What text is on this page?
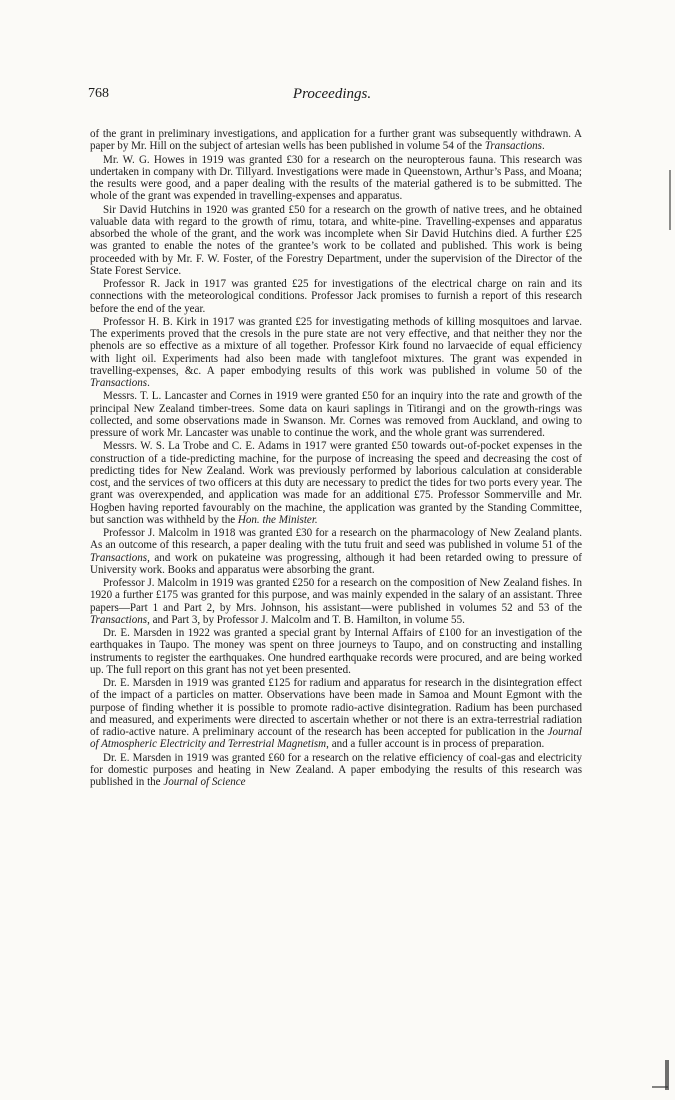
768	Proceedings.

of the grant in preliminary investigations, and application for a further grant was subsequently withdrawn. A paper by Mr. Hill on the subject of artesian wells has been published in volume 54 of the Transactions.

Mr. W. G. Howes in 1919 was granted £30 for a research on the neuropterous fauna. This research was undertaken in company with Dr. Tillyard. Investigations were made in Queenstown, Arthur’s Pass, and Moana; the results were good, and a paper dealing with the results of the material gathered is to be submitted. The whole of the grant was expended in travelling-expenses and apparatus.

Sir David Hutchins in 1920 was granted £50 for a research on the growth of native trees, and he obtained valuable data with regard to the growth of rimu, totara, and white-pine. Travelling-expenses and apparatus absorbed the whole of the grant, and the work was incomplete when Sir David Hutchins died. A further £25 was granted to enable the notes of the grantee’s work to be collated and published. This work is being proceeded with by Mr. F. W. Foster, of the Forestry Department, under the supervision of the Director of the State Forest Service.

Professor R. Jack in 1917 was granted £25 for investigations of the electrical charge on rain and its connections with the meteorological conditions. Professor Jack promises to furnish a report of this research before the end of the year.

Professor H. B. Kirk in 1917 was granted £25 for investigating methods of killing mosquitoes and larvae. The experiments proved that the cresols in the pure state are not very effective, and that neither they nor the phenols are so effective as a mixture of all together. Professor Kirk found no larvaecide of equal efficiency with light oil. Experiments had also been made with tanglefoot mixtures. The grant was expended in travelling-expenses, &c. A paper embodying results of this work was published in volume 50 of the Transactions.

Messrs. T. L. Lancaster and Cornes in 1919 were granted £50 for an inquiry into the rate and growth of the principal New Zealand timber-trees. Some data on kauri saplings in Titirangi and on the growth-rings was collected, and some observations made in Swanson. Mr. Cornes was removed from Auckland, and owing to pressure of work Mr. Lancaster was unable to continue the work, and the whole grant was surrendered.

Messrs. W. S. La Trobe and C. E. Adams in 1917 were granted £50 towards out-of-pocket expenses in the construction of a tide-predicting machine, for the purpose of increasing the speed and decreasing the cost of predicting tides for New Zealand. Work was previously performed by laborious calculation at considerable cost, and the services of two officers at this duty are necessary to predict the tides for two ports every year. The grant was overexpended, and application was made for an additional £75. Professor Sommerville and Mr. Hogben having reported favourably on the machine, the application was granted by the Standing Committee, but sanction was withheld by the Hon. the Minister.

Professor J. Malcolm in 1918 was granted £30 for a research on the pharmacology of New Zealand plants. As an outcome of this research, a paper dealing with the tutu fruit and seed was published in volume 51 of the Transactions, and work on pukateine was progressing, although it had been retarded owing to pressure of University work. Books and apparatus were absorbing the grant.

Professor J. Malcolm in 1919 was granted £250 for a research on the composition of New Zealand fishes. In 1920 a further £175 was granted for this purpose, and was mainly expended in the salary of an assistant. Three papers—Part 1 and Part 2, by Mrs. Johnson, his assistant—were published in volumes 52 and 53 of the Transactions, and Part 3, by Professor J. Malcolm and T. B. Hamilton, in volume 55.

Dr. E. Marsden in 1922 was granted a special grant by Internal Affairs of £100 for an investigation of the earthquakes in Taupo. The money was spent on three journeys to Taupo, and on constructing and installing instruments to register the earthquakes. One hundred earthquake records were procured, and are being worked up. The full report on this grant has not yet been presented.

Dr. E. Marsden in 1919 was granted £125 for radium and apparatus for research in the disintegration effect of the impact of a particles on matter. Observations have been made in Samoa and Mount Egmont with the purpose of finding whether it is possible to promote radio-active disintegration. Radium has been purchased and measured, and experiments were directed to ascertain whether or not there is an extra-terrestrial radiation of radio-active nature. A preliminary account of the research has been accepted for publication in the Journal of Atmospheric Electricity and Terrestrial Magnetism, and a fuller account is in process of preparation.

Dr. E. Marsden in 1919 was granted £60 for a research on the relative efficiency of coal-gas and electricity for domestic purposes and heating in New Zealand. A paper embodying the results of this research was published in the Journal of Science
